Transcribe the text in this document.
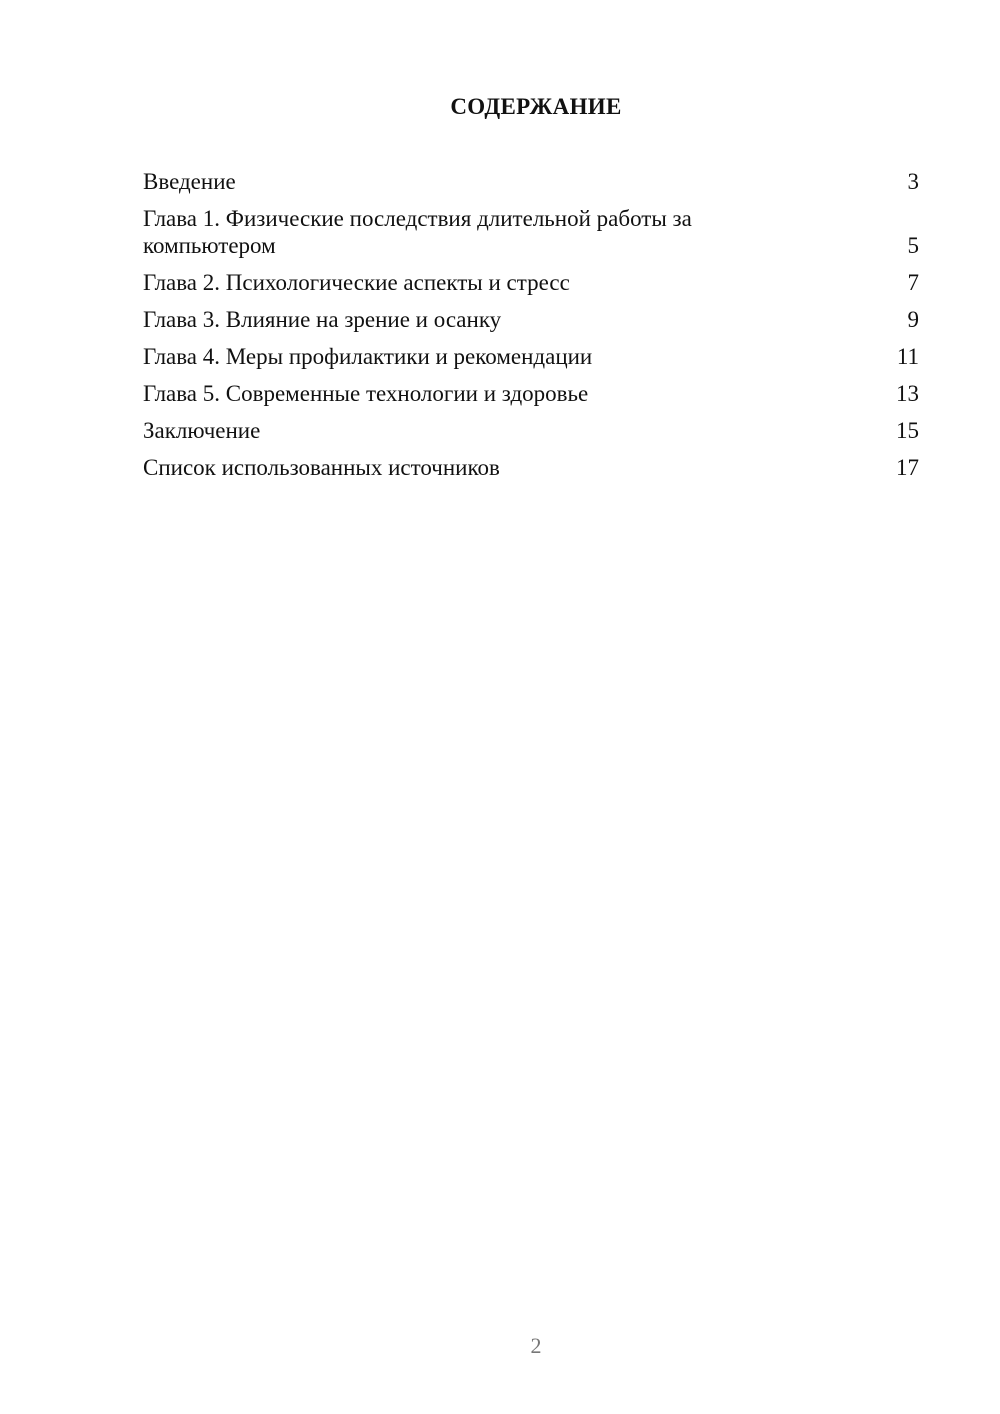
СОДЕРЖАНИЕ
Введение	3
Глава 1. Физические последствия длительной работы за компьютером	5
Глава 2. Психологические аспекты и стресс	7
Глава 3. Влияние на зрение и осанку	9
Глава 4. Меры профилактики и рекомендации	11
Глава 5. Современные технологии и здоровье	13
Заключение	15
Список использованных источников	17
2
